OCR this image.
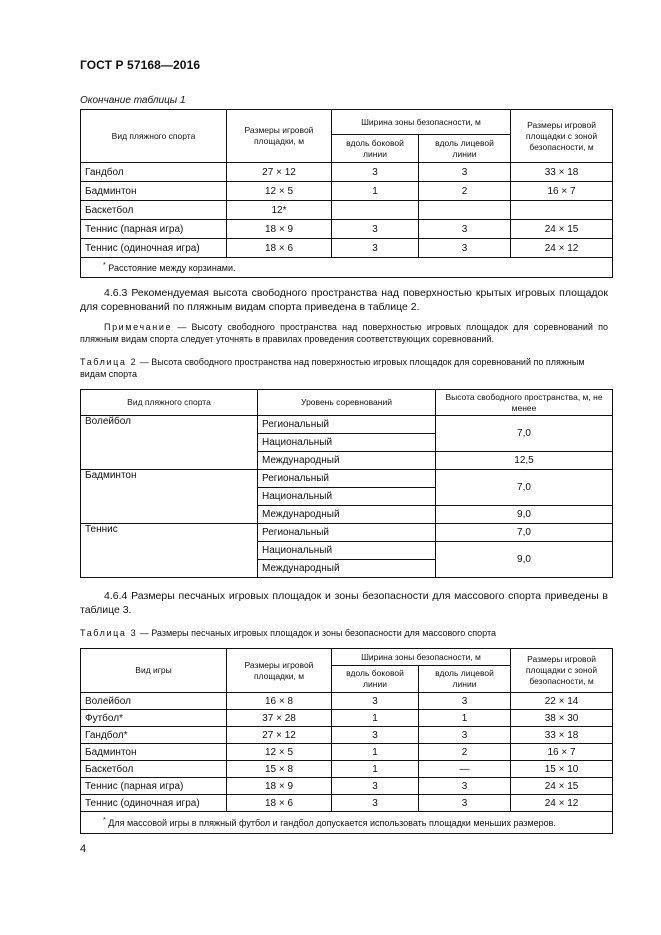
ГОСТ Р 57168—2016
Окончание таблицы 1
Вид пляжного спорта	Размеры игровой площадки, м	Ширина зоны безопасности, м		Размеры игровой площадки с зоной безопасности, м
		вдоль боковой линии	вдоль лицевой линии	
Гандбол	27 × 12	3	3	33 × 18
Бадминтон	12 × 5	1	2	16 × 7
Баскетбол	12*			
Теннис (парная игра)	18 × 9	3	3	24 × 15
Теннис (одиночная игра)	18 × 6	3	3	24 × 12
* Расстояние между корзинами.				
4.6.3 Рекомендуемая высота свободного пространства над поверхностью крытых игровых площадок для соревнований по пляжным видам спорта приведена в таблице 2.
Примечание — Высоту свободного пространства над поверхностью игровых площадок для соревнований по пляжным видам спорта следует уточнять в правилах проведения соответствующих соревнований.
Таблица 2 — Высота свободного пространства над поверхностью игровых площадок для соревнований по пляжным видам спорта
Вид пляжного спорта	Уровень соревнований	Высота свободного пространства, м, не менее
Волейбол	Региональный	7,0
	Национальный	
	Международный	12,5
Бадминтон	Региональный	7,0
	Национальный	
	Международный	9,0
Теннис	Региональный	7,0
	Национальный	9,0
	Международный	
4.6.4 Размеры песчаных игровых площадок и зоны безопасности для массового спорта приведены в таблице 3.
Таблица 3 — Размеры песчаных игровых площадок и зоны безопасности для массового спорта
Вид игры	Размеры игровой площадки, м	Ширина зоны безопасности, м		Размеры игровой площадки с зоной безопасности, м
		вдоль боковой линии	вдоль лицевой линии	
Волейбол	16 × 8	3	3	22 × 14
Футбол*	37 × 28	1	1	38 × 30
Гандбол*	27 × 12	3	3	33 × 18
Бадминтон	12 × 5	1	2	16 × 7
Баскетбол	15 × 8	1	—	15 × 10
Теннис (парная игра)	18 × 9	3	3	24 × 15
Теннис (одиночная игра)	18 × 6	3	3	24 × 12
* Для массовой игры в пляжный футбол и гандбол допускается использовать площадки меньших размеров.				
4
